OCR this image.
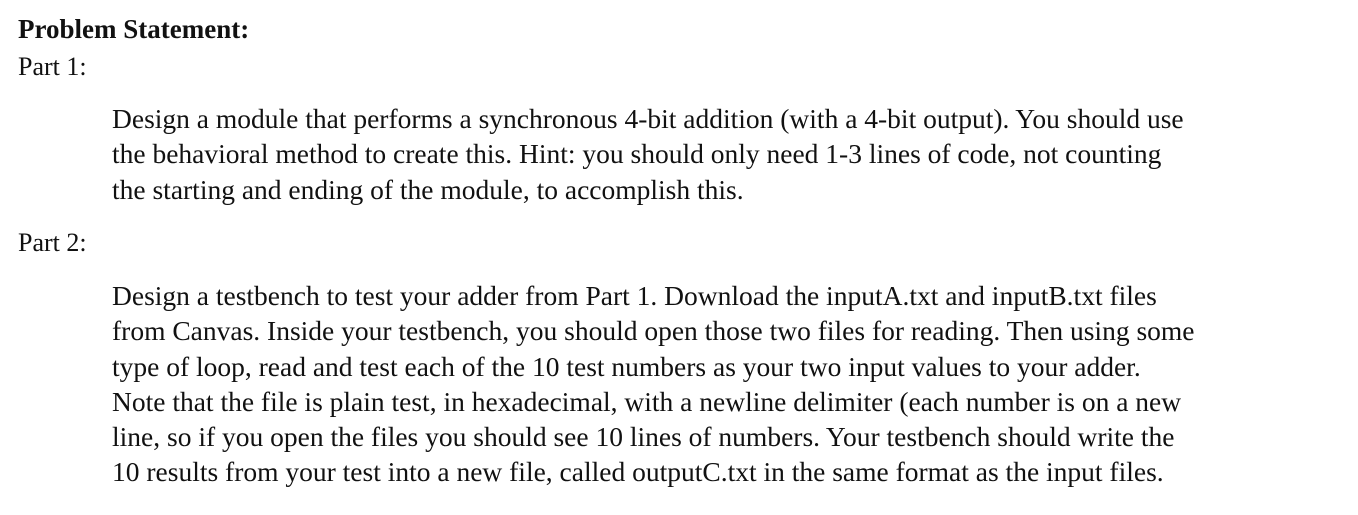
Problem Statement:
Part 1:
Design a module that performs a synchronous 4-bit addition (with a 4-bit output). You should use
the behavioral method to create this. Hint: you should only need 1-3 lines of code, not counting
the starting and ending of the module, to accomplish this.
Part 2:
Design a testbench to test your adder from Part 1. Download the inputA.txt and inputB.txt files
from Canvas. Inside your testbench, you should open those two files for reading. Then using some
type of loop, read and test each of the 10 test numbers as your two input values to your adder.
Note that the file is plain test, in hexadecimal, with a newline delimiter (each number is on a new
line, so if you open the files you should see 10 lines of numbers. Your testbench should write the
10 results from your test into a new file, called outputC.txt in the same format as the input files.
